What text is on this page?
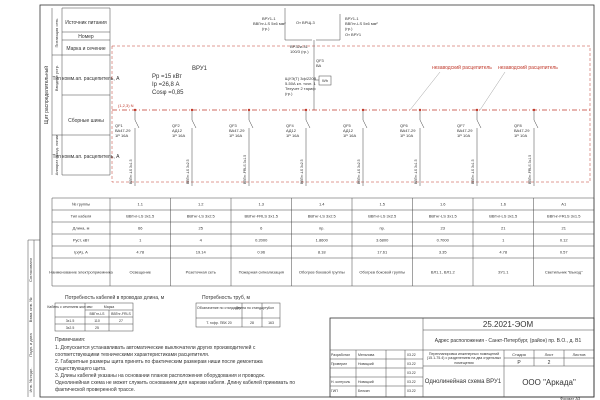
Согласовано
Инв. № подл.
Подп. и дата
Взам. инв. №
Источник питания
Номер
Марка и сечение
Тип комм.ап. расцепитель, А
Сборные шины
Тип комм.ап. расцепитель, А
Питающая сеть
Вводное устр.
Аппарат отход. линии
Щит распределительный	ВРУ1
Рр =15 кВт
Iр =26,8 А
Cosφ =0,85
ВРУ1-1
ВВГнг-LS 5х6 мм²
(гр.)
От ВРЩ-3
ВРУ1-1
ВВГнг-LS 5х6 мм²
(гр.)
От ВРУ1
ВР32и-31
100/3 (гр.)
ЩУЭ(Т) 3ф/220В
5-50А кл. точн. 1
Техучет 2 тариф
(гр.)
QF3
ВА
Wh
незаводский расцепитель незаводский расцепитель
(1,2,3) N
QF1
ВА47-29
1Р 16А
ВВГнг-LS 3х1.5
QF2
АД12
1Р 16А
ВВГнг-LS 3х2.5
QF3
ВА47-29
1Р 16А
ВВГнг-FRLS 3х1.5
QF4
АД12
1Р 16А
ВВГнг-LS 3х2.5
QF5
АД12
1Р 16А
ВВГнг-LS 3х2.5
QF6
ВА47-29
1Р 10А
ВВГнг-LS 3х1.5
QF7
ВА47-29
1Р 10А
ВВГнг-LS 3х1.5
QF8
ВА47-29
1Р 10А
ВВГнг-FRLS 3х1.5
№ группы	1.1	1.2	1.3	1.4	1.5	1.6	1.6	А1
Тип кабеля	ВВГнг-LS 3х1.5	ВВГнг-LS 3х2.5	ВВГнг-FRLS 3х1.5	ВВГнг-LS 3х2.5	ВВГнг-LS 3х2.5	ВВГнг-LS 3х1.5	ВВГнг-LS 3х1.5	ВВГнг-FRLS 3х1.5
Длина, м	66	25	6	пр.	пр.	23	21	21
Руст, кВт	1	4	0.2000	1.8600	3.6800	0.7000	1	0.12
Iр(А), А	4.78	19.14	0.96	8.18	17.61	3.35	4.78	0.57
Наименование электроприемника	Освещение	Розеточная сеть	Пожарная сигнализация	Обогрев боковой группы	Обогрев боковой группы	ВЛ1.1, ВЛ1.2	ЗУ1.1	Светильник "Выход"
Потребность кабелей в проводах длина, м
Кабель с сечением жил мм²	Марка
ВВГнг-LS ВВГнг-FRLS
3х1.5	110	27
3х2.5	25
Потребность труб, м
Обозначение по стандарту
Длина по стандарту Кол
Т. гофр. ПВХ 20	28	163
Примечания:
1. Допускается устанавливать автоматические выключатели других производителей с
соответствующими техническими характеристиками расцепителя.
2. Габаритные размеры щита принять по фактическим размерам ниши после демонтажа
существующего щита.
3. Длины кабелей указаны на основании планов расположения оборудования и проводок.
Однолинейная схема не может служить основанием для нарезки кабеля. Длину кабелей принимать по
фактической проверенной трассе.
25.2021-ЭОМ
Адрес расположения - Санкт-Петербург, (район) пр. В.О., д. В1
Перепланировка инженерных помещений (15.1-75.4) с разделением на два отдельных помещения
Однолинейная схема ВРУ1	ООО "Аркада"
Стадия	Лист	Листов
Р	2
Разработал Мельнова	03.22
Проверил	Новицкий	03.22
03.22
Н. контроль Новицкий	03.22
ГИП	Белкин	03.22
Формат А3
